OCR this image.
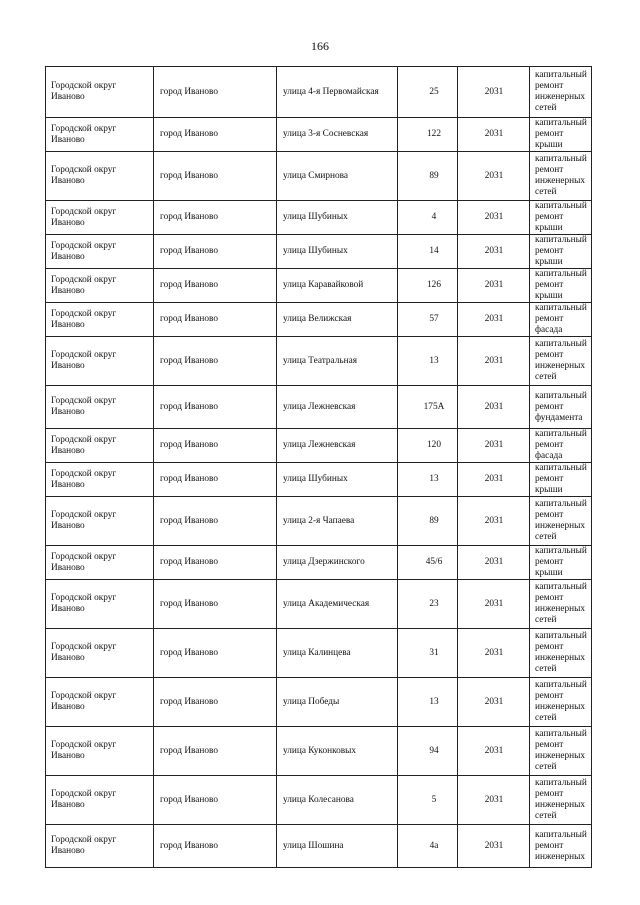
166
Городской округ Иваново	город Иваново	улица 4-я Первомайская	25	2031	капитальный ремонт инженерных сетей
Городской округ Иваново	город Иваново	улица 3-я Сосневская	122	2031	капитальный ремонт крыши
Городской округ Иваново	город Иваново	улица Смирнова	89	2031	капитальный ремонт инженерных сетей
Городской округ Иваново	город Иваново	улица Шубиных	4	2031	капитальный ремонт крыши
Городской округ Иваново	город Иваново	улица Шубиных	14	2031	капитальный ремонт крыши
Городской округ Иваново	город Иваново	улица Каравайковой	126	2031	капитальный ремонт крыши
Городской округ Иваново	город Иваново	улица Велижская	57	2031	капитальный ремонт фасада
Городской округ Иваново	город Иваново	улица Театральная	13	2031	капитальный ремонт инженерных сетей
Городской округ Иваново	город Иваново	улица Лежневская	175А	2031	капитальный ремонт фундамента
Городской округ Иваново	город Иваново	улица Лежневская	120	2031	капитальный ремонт фасада
Городской округ Иваново	город Иваново	улица Шубиных	13	2031	капитальный ремонт крыши
Городской округ Иваново	город Иваново	улица 2-я Чапаева	89	2031	капитальный ремонт инженерных сетей
Городской округ Иваново	город Иваново	улица Дзержинского	45/6	2031	капитальный ремонт крыши
Городской округ Иваново	город Иваново	улица Академическая	23	2031	капитальный ремонт инженерных сетей
Городской округ Иваново	город Иваново	улица Калинцева	31	2031	капитальный ремонт инженерных сетей
Городской округ Иваново	город Иваново	улица Победы	13	2031	капитальный ремонт инженерных сетей
Городской округ Иваново	город Иваново	улица Куконковых	94	2031	капитальный ремонт инженерных сетей
Городской округ Иваново	город Иваново	улица Колесанова	5	2031	капитальный ремонт инженерных сетей
Городской округ Иваново	город Иваново	улица Шошина	4а	2031	капитальный ремонт инженерных
